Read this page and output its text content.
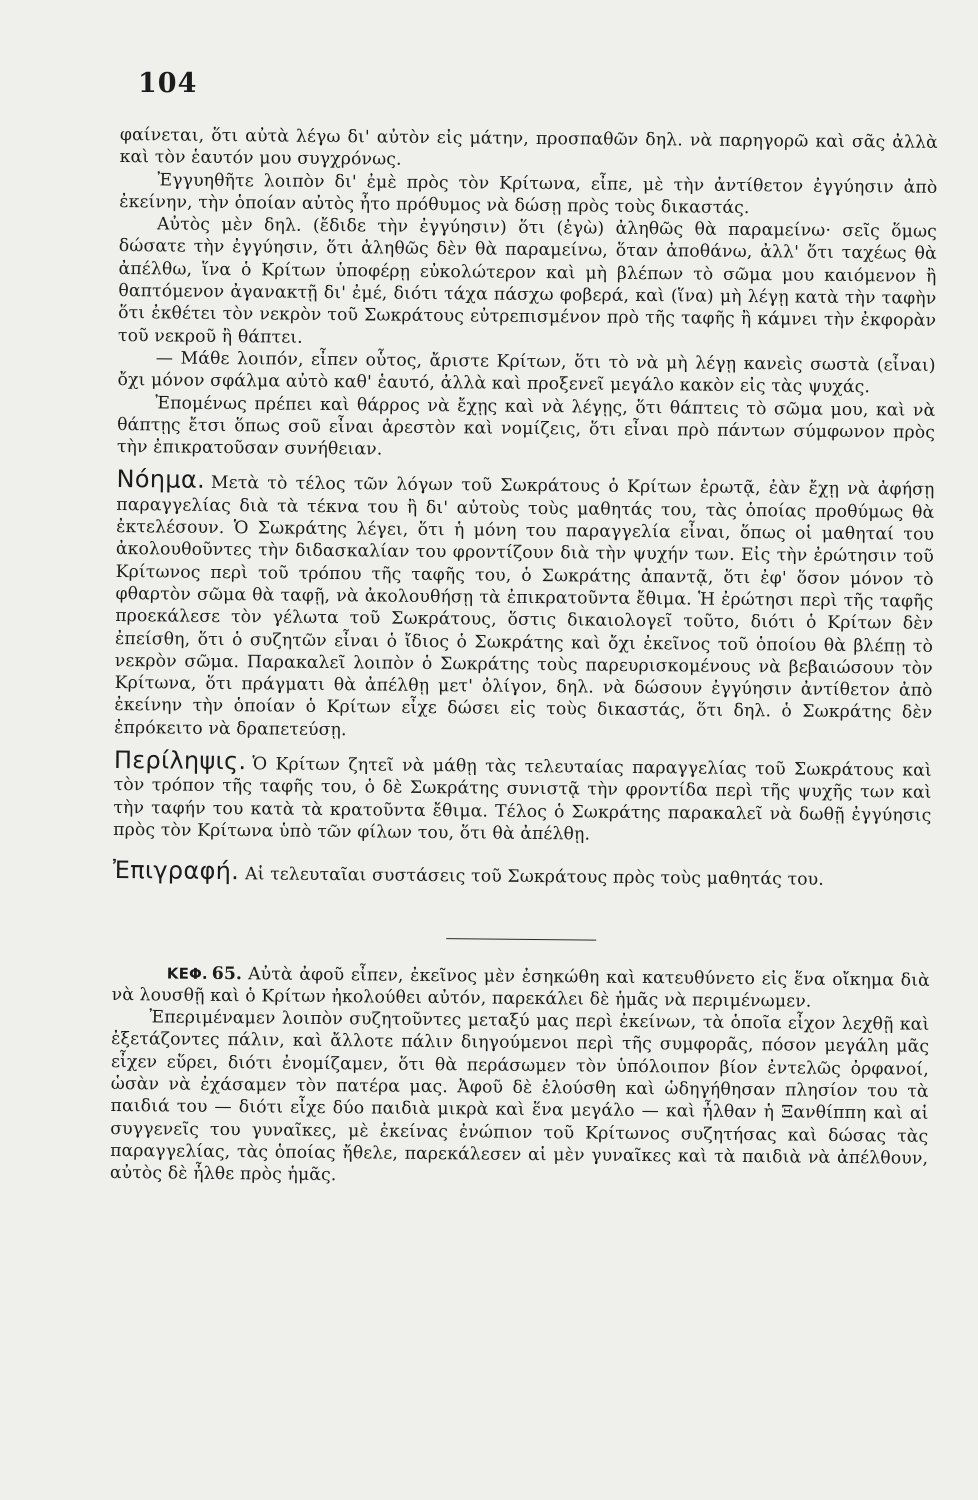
104

φαίνεται, ὅτι αὐτὰ λέγω δι' αὐτὸν εἰς μάτην, προσπαθῶν δηλ. νὰ παρηγορῶ καὶ σᾶς ἀλλὰ καὶ τὸν ἑαυτόν μου συγχρόνως.

Ἐγγυηθῆτε λοιπὸν δι' ἐμὲ πρὸς τὸν Κρίτωνα, εἶπε, μὲ τὴν ἀντίθετον ἐγγύησιν ἀπὸ ἐκείνην, τὴν ὁποίαν αὐτὸς ἦτο πρόθυμος νὰ δώσῃ πρὸς τοὺς δικαστάς.

Αὐτὸς μὲν δηλ. (ἔδιδε τὴν ἐγγύησιν) ὅτι (ἐγὼ) ἀληθῶς θὰ παραμείνω· σεῖς ὅμως δώσατε τὴν ἐγγύησιν, ὅτι ἀληθῶς δὲν θὰ παραμείνω, ὅταν ἀποθάνω, ἀλλ' ὅτι ταχέως θὰ ἀπέλθω, ἵνα ὁ Κρίτων ὑποφέρῃ εὐκολώτερον καὶ μὴ βλέπων τὸ σῶμα μου καιόμενον ἢ θαπτόμενον ἀγανακτῇ δι' ἐμέ, διότι τάχα πάσχω φοβερά, καὶ (ἵνα) μὴ λέγῃ κατὰ τὴν ταφὴν ὅτι ἐκθέτει τὸν νεκρὸν τοῦ Σωκράτους εὐτρεπισμένον πρὸ τῆς ταφῆς ἢ κάμνει τὴν ἐκφορὰν τοῦ νεκροῦ ἢ θάπτει.

— Μάθε λοιπόν, εἶπεν οὗτος, ἄριστε Κρίτων, ὅτι τὸ νὰ μὴ λέγῃ κανεὶς σωστὰ (εἶναι) ὄχι μόνον σφάλμα αὐτὸ καθ' ἑαυτό, ἀλλὰ καὶ προξενεῖ μεγάλο κακὸν εἰς τὰς ψυχάς.

Ἐπομένως πρέπει καὶ θάρρος νὰ ἔχῃς καὶ νὰ λέγῃς, ὅτι θάπτεις τὸ σῶμα μου, καὶ νὰ θάπτῃς ἔτσι ὅπως σοῦ εἶναι ἀρεστὸν καὶ νομίζεις, ὅτι εἶναι πρὸ πάντων σύμφωνον πρὸς τὴν ἐπικρατοῦσαν συνήθειαν.

Νόημα. Μετὰ τὸ τέλος τῶν λόγων τοῦ Σωκράτους ὁ Κρίτων ἐρωτᾷ, ἐὰν ἔχῃ νὰ ἀφήσῃ παραγγελίας διὰ τὰ τέκνα του ἢ δι' αὐτοὺς τοὺς μαθητάς του, τὰς ὁποίας προθύμως θὰ ἐκτελέσουν. Ὁ Σωκράτης λέγει, ὅτι ἡ μόνη του παραγγελία εἶναι, ὅπως οἱ μαθηταί του ἀκολουθοῦντες τὴν διδασκαλίαν του φροντίζουν διὰ τὴν ψυχήν των. Εἰς τὴν ἐρώτησιν τοῦ Κρίτωνος περὶ τοῦ τρόπου τῆς ταφῆς του, ὁ Σωκράτης ἀπαντᾷ, ὅτι ἐφ' ὅσον μόνον τὸ φθαρτὸν σῶμα θὰ ταφῇ, νὰ ἀκολουθήσῃ τὰ ἐπικρατοῦντα ἔθιμα. Ἡ ἐρώτησι περὶ τῆς ταφῆς προεκάλεσε τὸν γέλωτα τοῦ Σωκράτους, ὅστις δικαιολογεῖ τοῦτο, διότι ὁ Κρίτων δὲν ἐπείσθη, ὅτι ὁ συζητῶν εἶναι ὁ ἴδιος ὁ Σωκράτης καὶ ὄχι ἐκεῖνος τοῦ ὁποίου θὰ βλέπῃ τὸ νεκρὸν σῶμα. Παρακαλεῖ λοιπὸν ὁ Σωκράτης τοὺς παρευρισκομένους νὰ βεβαιώσουν τὸν Κρίτωνα, ὅτι πράγματι θὰ ἀπέλθῃ μετ' ὀλίγον, δηλ. νὰ δώσουν ἐγγύησιν ἀντίθετον ἀπὸ ἐκείνην τὴν ὁποίαν ὁ Κρίτων εἶχε δώσει εἰς τοὺς δικαστάς, ὅτι δηλ. ὁ Σωκράτης δὲν ἐπρόκειτο νὰ δραπετεύσῃ.

Περίληψις. Ὁ Κρίτων ζητεῖ νὰ μάθῃ τὰς τελευταίας παραγγελίας τοῦ Σωκράτους καὶ τὸν τρόπον τῆς ταφῆς του, ὁ δὲ Σωκράτης συνιστᾷ τὴν φροντίδα περὶ τῆς ψυχῆς των καὶ τὴν ταφήν του κατὰ τὰ κρατοῦντα ἔθιμα. Τέλος ὁ Σωκράτης παρακαλεῖ νὰ δωθῇ ἐγγύησις πρὸς τὸν Κρίτωνα ὑπὸ τῶν φίλων του, ὅτι θὰ ἀπέλθῃ.

Ἐπιγραφή. Αἱ τελευταῖαι συστάσεις τοῦ Σωκράτους πρὸς τοὺς μαθητάς του.

ΚΕΦ. 65. Αὐτὰ ἀφοῦ εἶπεν, ἐκεῖνος μὲν ἐσηκώθη καὶ κατευθύνετο εἰς ἕνα οἴκημα διὰ νὰ λουσθῇ καὶ ὁ Κρίτων ἠκολούθει αὐτόν, παρεκάλει δὲ ἡμᾶς νὰ περιμένωμεν.

Ἐπεριμέναμεν λοιπὸν συζητοῦντες μεταξύ μας περὶ ἐκείνων, τὰ ὁποῖα εἶχον λεχθῇ καὶ ἐξετάζοντες πάλιν, καὶ ἄλλοτε πάλιν διηγούμενοι περὶ τῆς συμφορᾶς, πόσον μεγάλη μᾶς εἶχεν εὕρει, διότι ἐνομίζαμεν, ὅτι θὰ περάσωμεν τὸν ὑπόλοιπον βίον ἐντελῶς ὀρφανοί, ὡσὰν νὰ ἐχάσαμεν τὸν πατέρα μας. Ἀφοῦ δὲ ἐλούσθη καὶ ὡδηγήθησαν πλησίον του τὰ παιδιά του — διότι εἶχε δύο παιδιὰ μικρὰ καὶ ἕνα μεγάλο — καὶ ἦλθαν ἡ Ξανθίππη καὶ αἱ συγγενεῖς του γυναῖκες, μὲ ἐκείνας ἐνώπιον τοῦ Κρίτωνος συζητήσας καὶ δώσας τὰς παραγγελίας, τὰς ὁποίας ἤθελε, παρεκάλεσεν αἱ μὲν γυναῖκες καὶ τὰ παιδιὰ νὰ ἀπέλθουν, αὐτὸς δὲ ἦλθε πρὸς ἡμᾶς.
